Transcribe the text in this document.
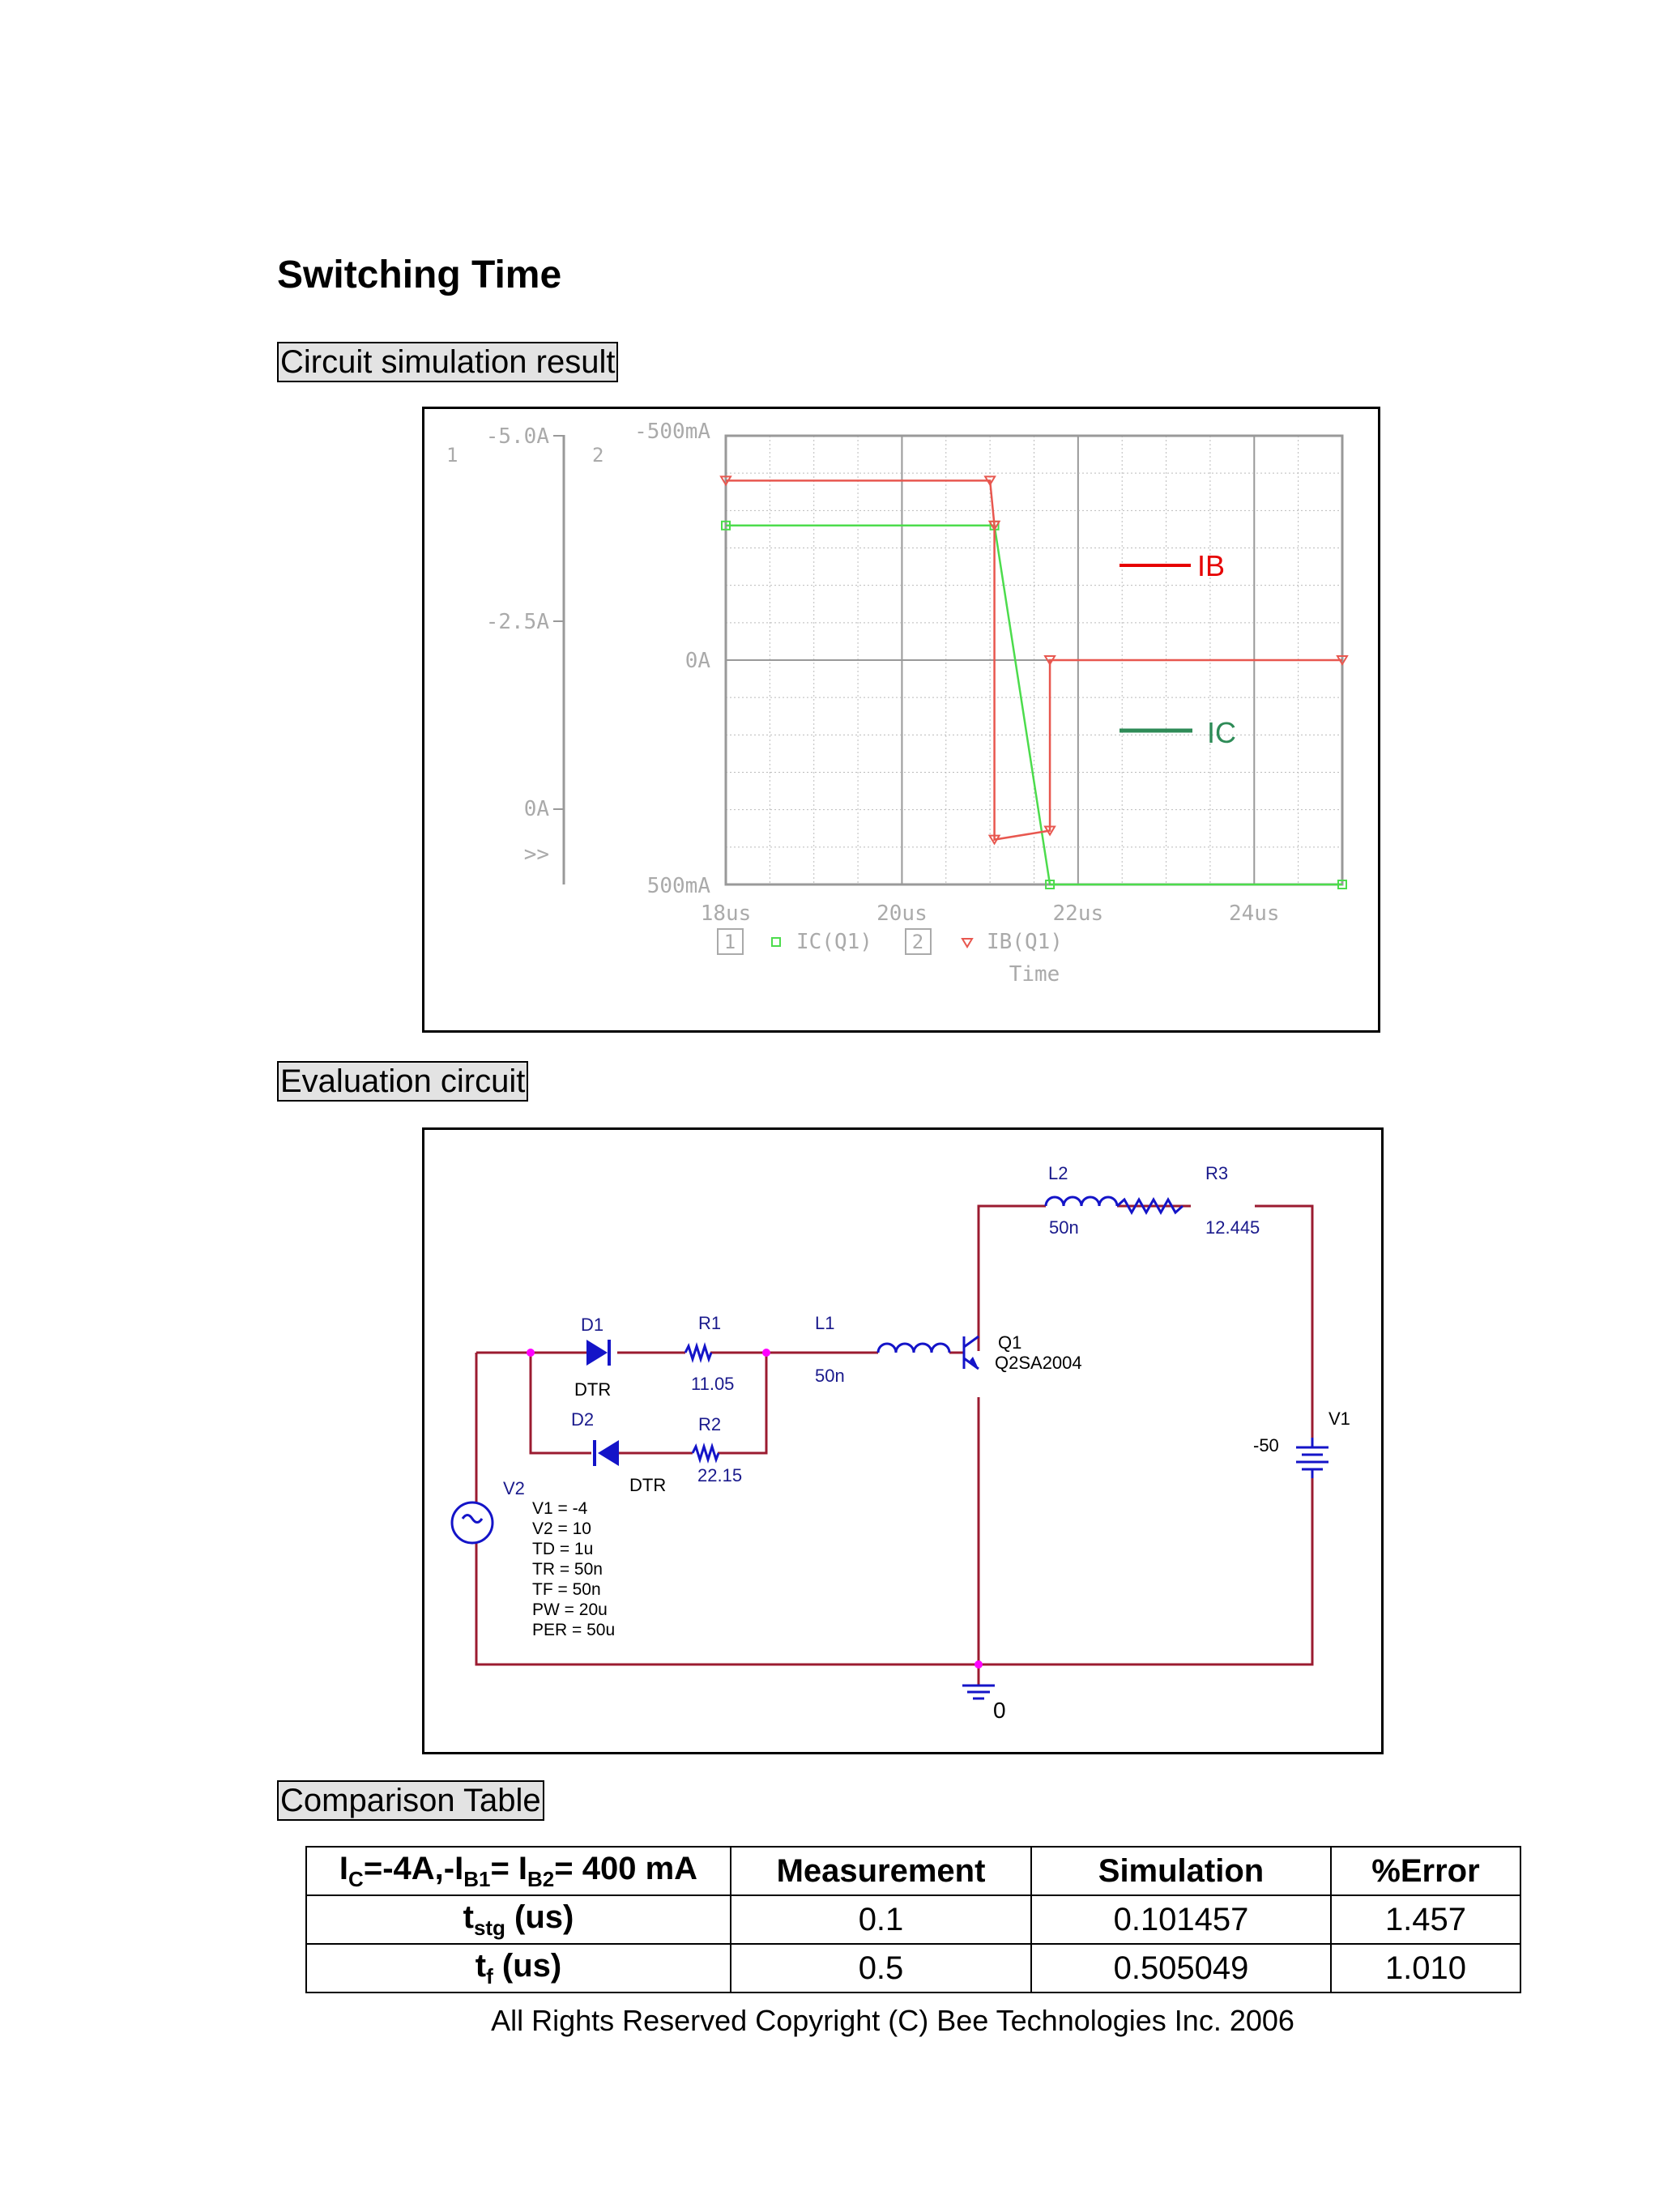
Switching Time
Circuit simulation result
1
-5.0A
-2.5A
0A
>>
2
-500mA
0A
500mA
18us	20us	22us	24us
IB
IC
1	IC(Q1) 2	IB(Q1)
Time
Evaluation circuit
L2
50n
R3
12.445
D1
DTR
R1
11.05
L1
50n
Q1
Q2SA2004
D2	R2
22.15
DTR
V1
-50
V2
0
V1 = -4
V2 = 10
TD = 1u
TR = 50n
TF = 50n
PW = 20u
PER = 50u
Comparison Table
$I_C=-4A,-I_{B1}= I_{B2}= 400$ mA	Measurement	Simulation	%Error
$t_{stg}$ (us)	0.1	0.101457	1.457
$t_f$ (us)	0.5	0.505049	1.010
All Rights Reserved Copyright (C) Bee Technologies Inc. 2006
